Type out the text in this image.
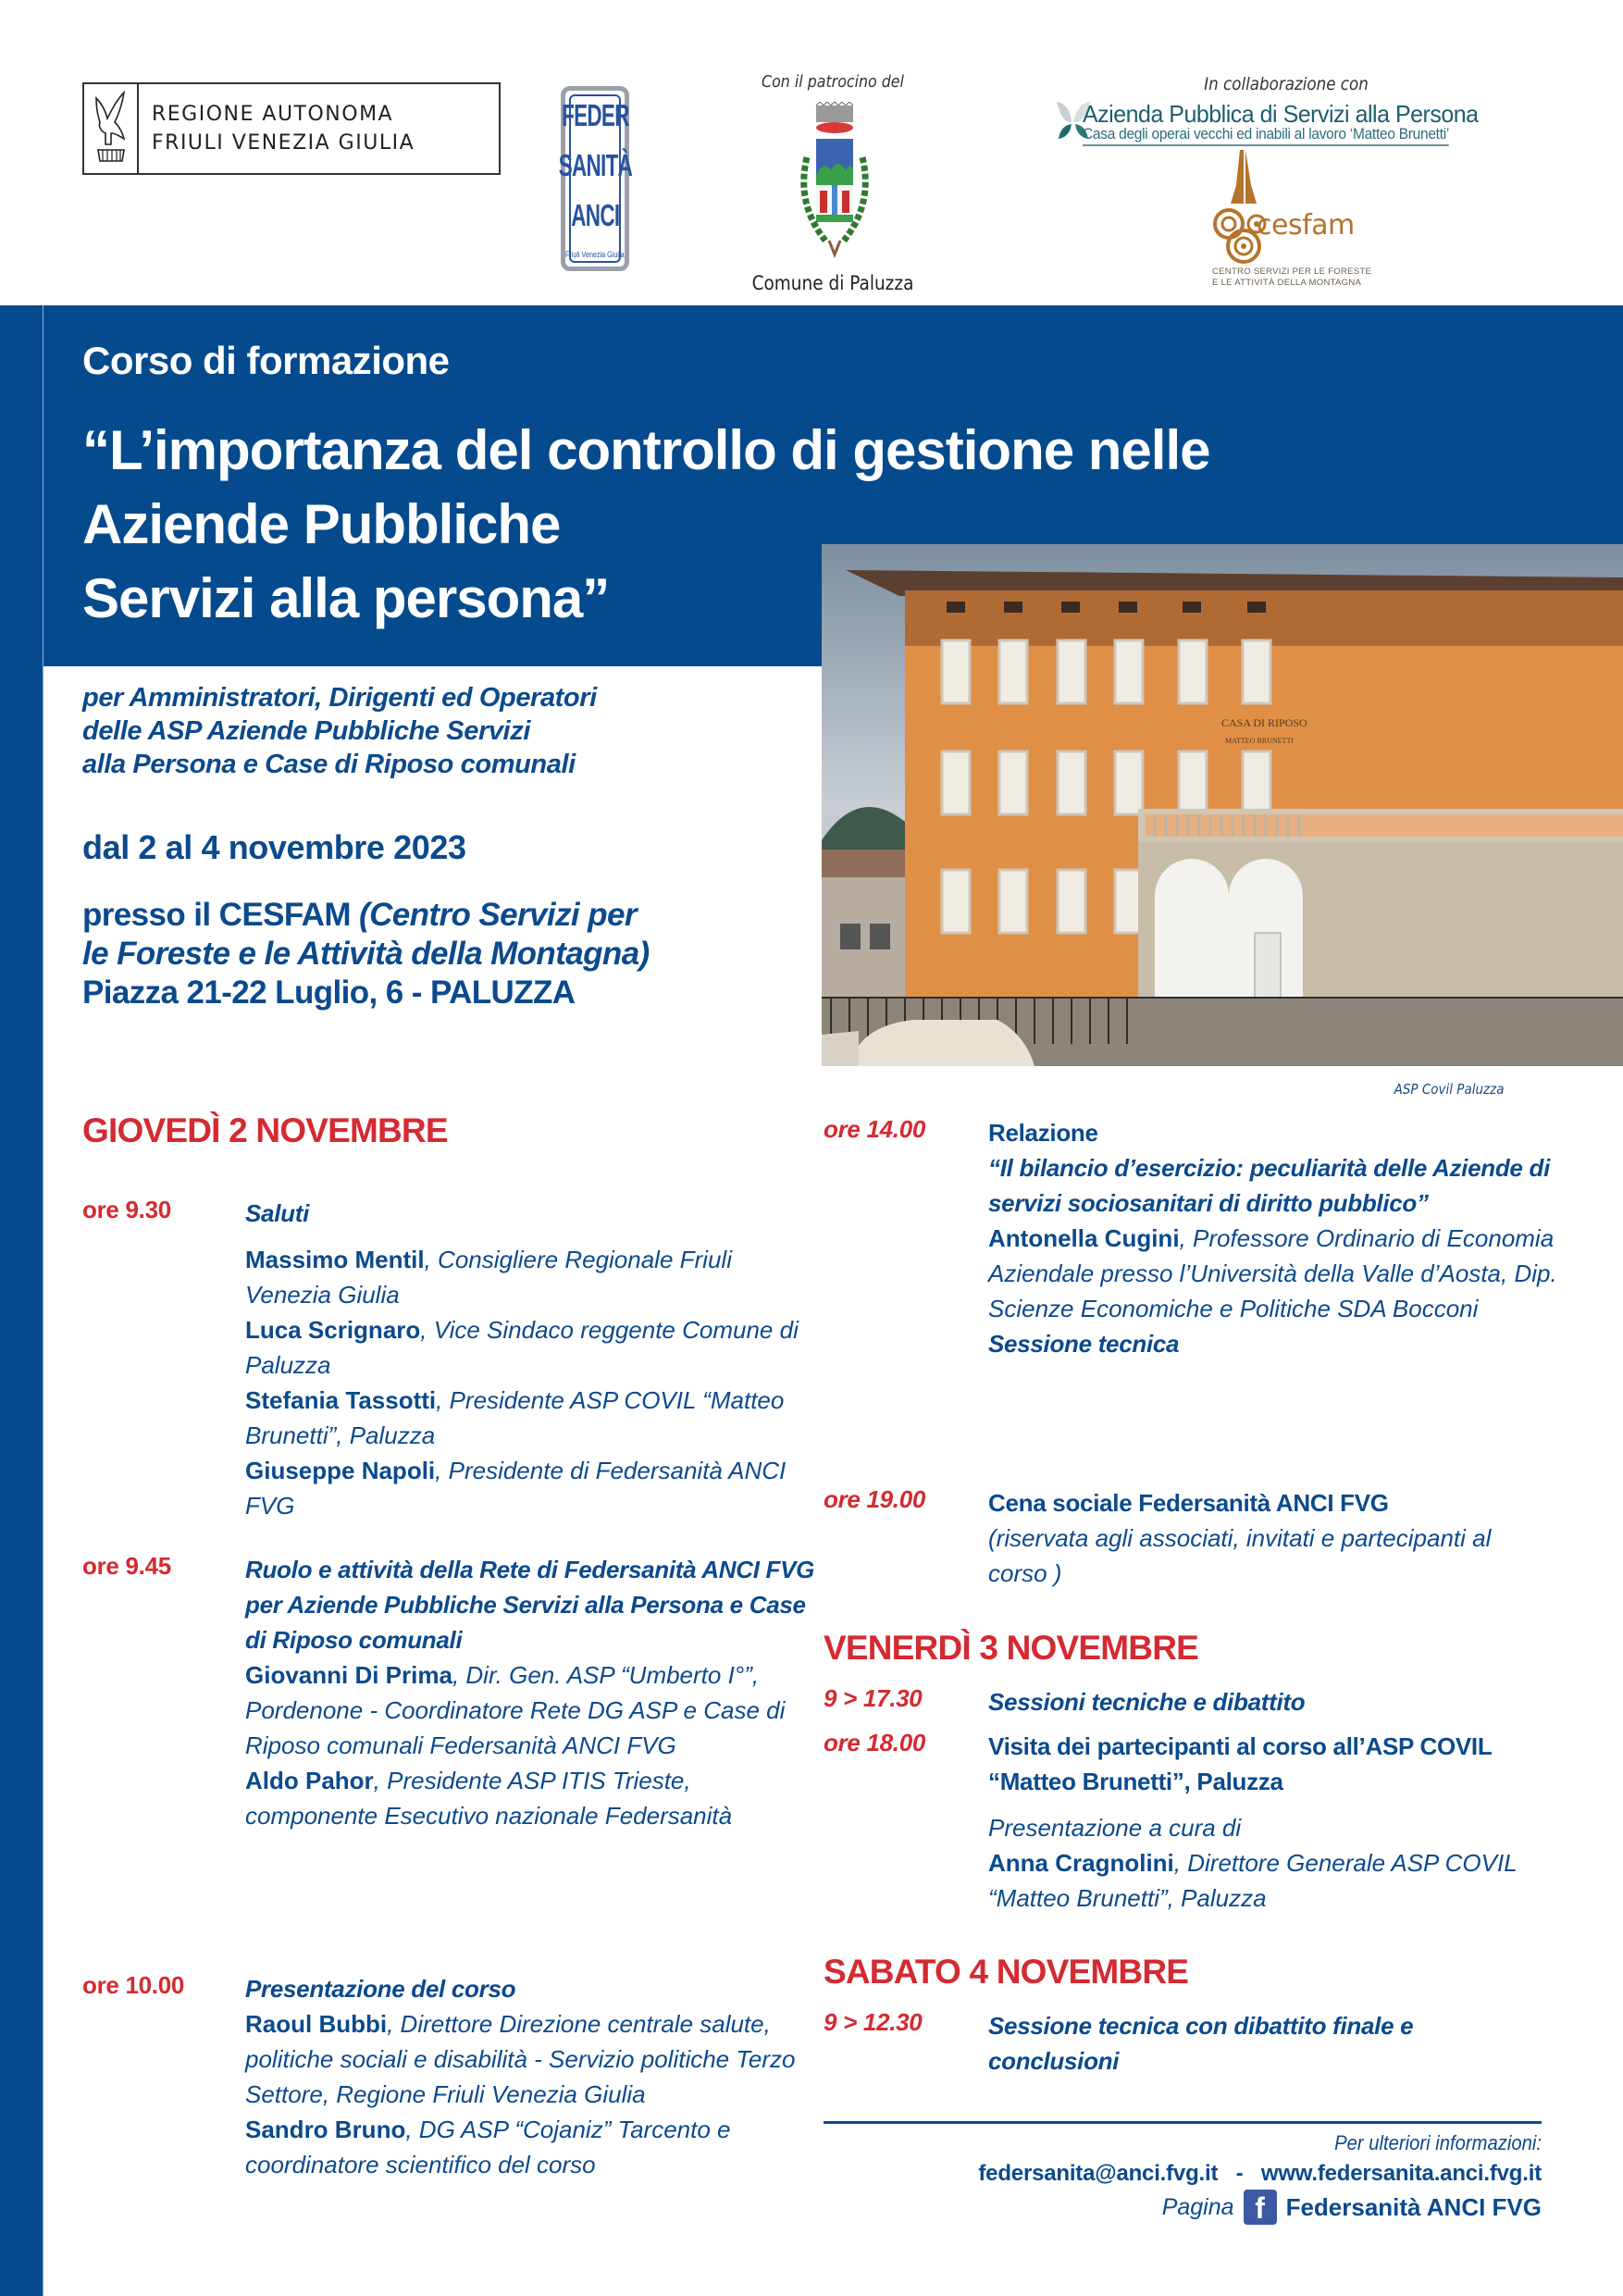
REGIONE AUTONOMA
FRIULI VENEZIA GIULIA
FEDER
SANITÀ
ANCI
Friuli Venezia Giulia
Con il patrocino del
Comune di Paluzza
In collaborazione con
Azienda Pubblica di Servizi alla Persona
Casa degli operai vecchi ed inabili al lavoro ‘Matteo Brunetti’
cesfam
CENTRO SERVIZI PER LE FORESTE
E LE ATTIVITÀ DELLA MONTAGNA
Corso di formazione
“L’importanza del controllo di gestione nelle
Aziende Pubbliche
Servizi alla persona”
CASA DI RIPOSO
MATTEO BRUNETTI
ASP Covil Paluzza
per Amministratori, Dirigenti ed Operatori
delle ASP Aziende Pubbliche Servizi
alla Persona e Case di Riposo comunali
dal 2 al 4 novembre 2023
presso il CESFAM (Centro Servizi per
le Foreste e le Attività della Montagna)
Piazza 21-22 Luglio, 6 - PALUZZA
GIOVEDÌ 2 NOVEMBRE
ore 9.30	Saluti
Massimo Mentil, Consigliere Regionale Friuli Venezia Giulia
Luca Scrignaro, Vice Sindaco reggente Comune di Paluzza
Stefania Tassotti, Presidente ASP COVIL “Matteo Brunetti”, Paluzza
Giuseppe Napoli, Presidente di Federsanità ANCI FVG
ore 9.45	Ruolo e attività della Rete di Federsanità ANCI FVG per Aziende Pubbliche Servizi alla Persona e Case di Riposo comunali
Giovanni Di Prima, Dir. Gen. ASP “Umberto I°”, Pordenone - Coordinatore Rete DG ASP e Case di Riposo comunali Federsanità ANCI FVG
Aldo Pahor, Presidente ASP ITIS Trieste, componente Esecutivo nazionale Federsanità
ore 10.00	Presentazione del corso
Raoul Bubbi, Direttore Direzione centrale salute, politiche sociali e disabilità - Servizio politiche Terzo Settore, Regione Friuli Venezia Giulia
Sandro Bruno, DG ASP “Cojaniz” Tarcento e coordinatore scientifico del corso
ore 14.00	Relazione
“Il bilancio d’esercizio: peculiarità delle Aziende di servizi sociosanitari di diritto pubblico”
Antonella Cugini, Professore Ordinario di Economia Aziendale presso l’Università della Valle d’Aosta, Dip. Scienze Economiche e Politiche SDA Bocconi
Sessione tecnica
ore 19.00	Cena sociale Federsanità ANCI FVG
(riservata agli associati, invitati e partecipanti al corso )
VENERDÌ 3 NOVEMBRE
9 > 17.30	Sessioni tecniche e dibattito
ore 18.00	Visita dei partecipanti al corso all’ASP COVIL “Matteo Brunetti”, Paluzza
Presentazione a cura di
Anna Cragnolini, Direttore Generale ASP COVIL “Matteo Brunetti”, Paluzza
SABATO 4 NOVEMBRE
9 > 12.30	Sessione tecnica con dibattito finale e conclusioni
Per ulteriori informazioni:
federsanita@anci.fvg.it   -   www.federsanita.anci.fvg.it
Pagina f Federsanità ANCI FVG
